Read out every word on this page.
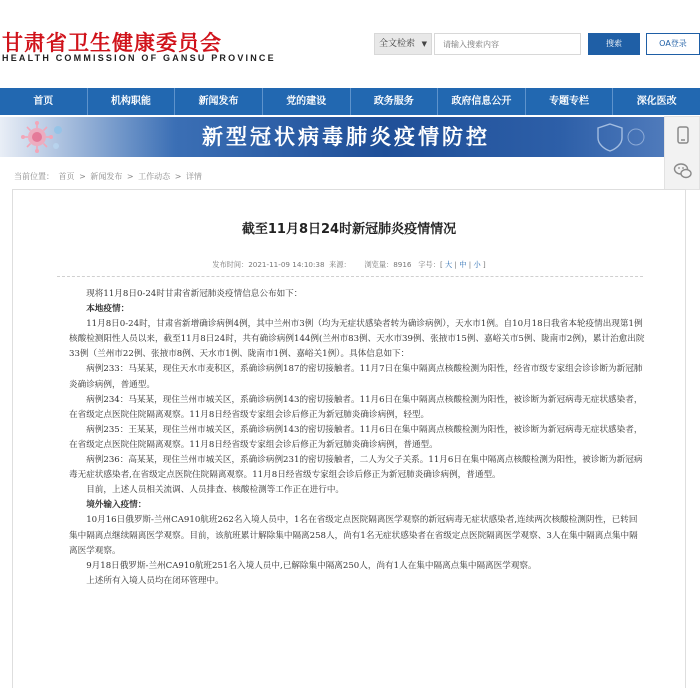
甘肃省卫生健康委员会
HEALTH COMMISSION OF GANSU PROVINCE
全文检索 ▼
请输入搜索内容	搜索	OA登录
首页	机构职能	新闻发布	党的建设	政务服务	政府信息公开	专题专栏	深化医改
新型冠状病毒肺炎疫情防控
当前位置： 首页 > 新闻发布 > 工作动态 > 详情
截至11月8日24时新冠肺炎疫情情况
发布时间：2021-11-09 14:10:38 来源： 浏览量：8916 字号：[ 大 | 中 | 小 ]

现将11月8日0-24时甘肃省新冠肺炎疫情信息公布如下：

本地疫情：

11月8日0-24时，甘肃省新增确诊病例4例，其中兰州市3例（均为无症状感染者转为确诊病例），天水市1例。自10月18日我省本轮疫情出现第1例核酸检测阳性人员以来，截至11月8日24时，共有确诊病例144例(兰州市83例、天水市39例、张掖市15例、嘉峪关市5例、陇南市2例)，累计治愈出院33例（兰州市22例、张掖市8例、天水市1例、陇南市1例、嘉峪关1例）。具体信息如下：

病例233：马某某，现住天水市麦积区，系确诊病例187的密切接触者。11月7日在集中隔离点核酸检测为阳性，经省市级专家组会诊诊断为新冠肺炎确诊病例，普通型。

病例234：马某某，现住兰州市城关区，系确诊病例143的密切接触者。11月6日在集中隔离点核酸检测为阳性，被诊断为新冠病毒无症状感染者，在省级定点医院住院隔离观察。11月8日经省级专家组会诊后修正为新冠肺炎确诊病例，轻型。

病例235：王某某，现住兰州市城关区，系确诊病例143的密切接触者。11月6日在集中隔离点核酸检测为阳性，被诊断为新冠病毒无症状感染者，在省级定点医院住院隔离观察。11月8日经省级专家组会诊后修正为新冠肺炎确诊病例，普通型。

病例236：高某某，现住兰州市城关区，系确诊病例231的密切接触者，二人为父子关系。11月6日在集中隔离点核酸检测为阳性，被诊断为新冠病毒无症状感染者,在省级定点医院住院隔离观察。11月8日经省级专家组会诊后修正为新冠肺炎确诊病例，普通型。

目前，上述人员相关流调、人员排查、核酸检测等工作正在进行中。

境外输入疫情：

10月16日俄罗斯-兰州CA910航班262名入境人员中，1名在省级定点医院隔离医学观察的新冠病毒无症状感染者,连续两次核酸检测阴性，已转回集中隔离点继续隔离医学观察。目前，该航班累计解除集中隔离258人，尚有1名无症状感染者在省级定点医院隔离医学观察、3人在集中隔离点集中隔离医学观察。

9月18日俄罗斯-兰州CA910航班251名入境人员中,已解除集中隔离250人，尚有1人在集中隔离点集中隔离医学观察。

上述所有入境人员均在闭环管理中。
